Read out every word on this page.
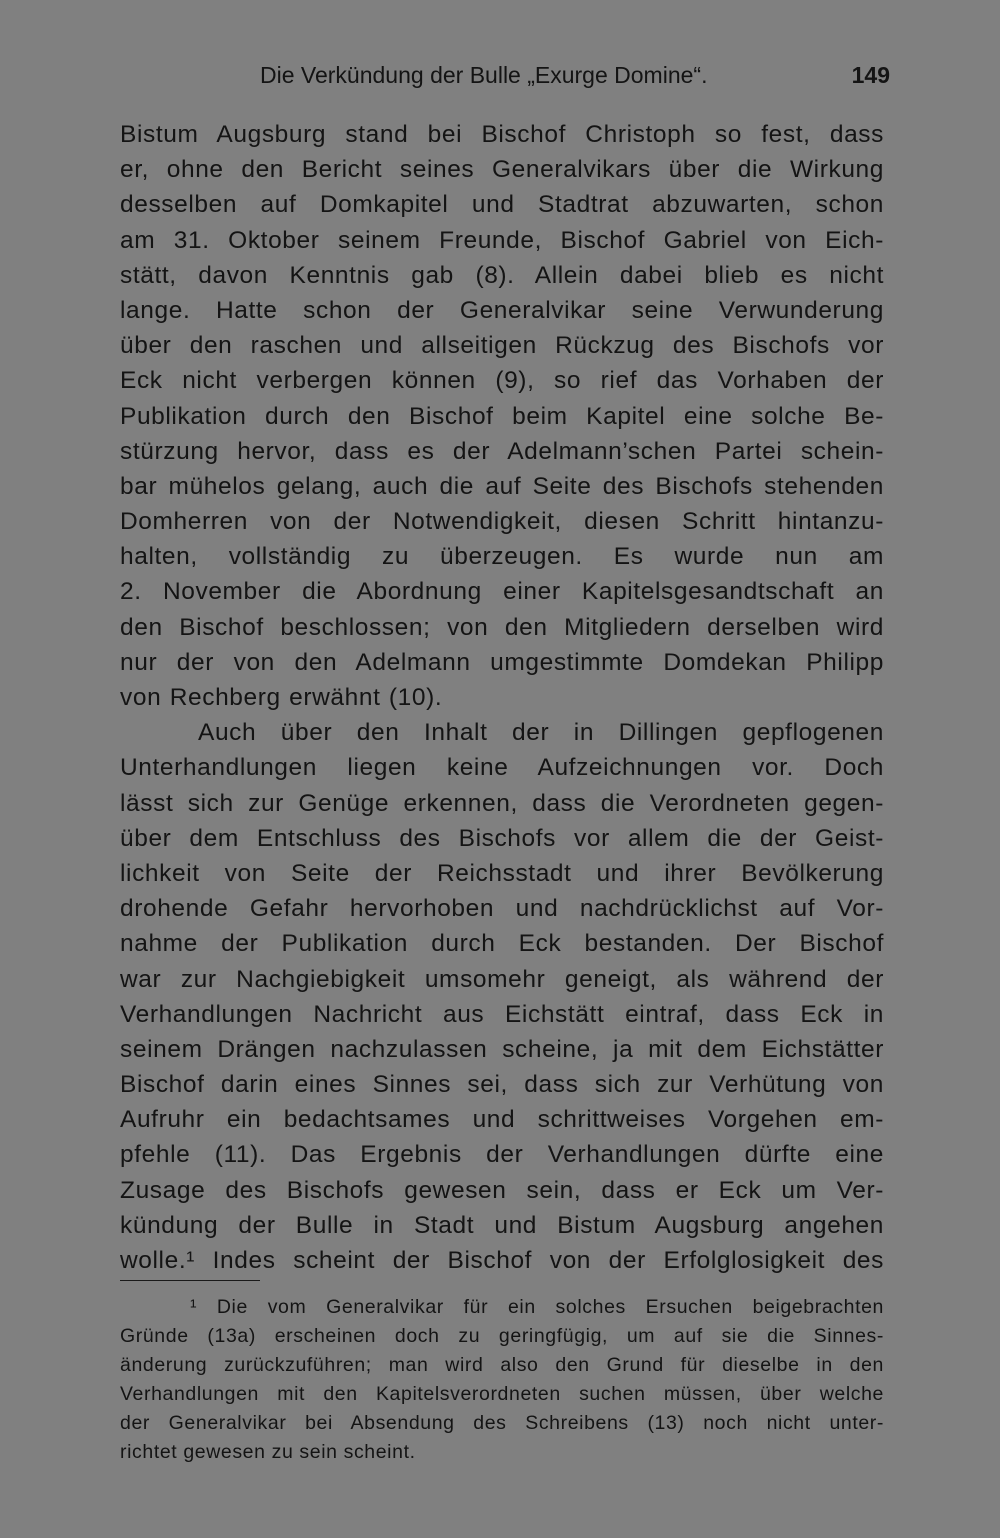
Die Verkündung der Bulle „Exurge Domine“.	149
Bistum Augsburg stand bei Bischof Christoph so fest, dass
er, ohne den Bericht seines Generalvikars über die Wirkung
desselben auf Domkapitel und Stadtrat abzuwarten, schon
am 31. Oktober seinem Freunde, Bischof Gabriel von Eich-
stätt, davon Kenntnis gab (8). Allein dabei blieb es nicht
lange. Hatte schon der Generalvikar seine Verwunderung
über den raschen und allseitigen Rückzug des Bischofs vor
Eck nicht verbergen können (9), so rief das Vorhaben der
Publikation durch den Bischof beim Kapitel eine solche Be-
stürzung hervor, dass es der Adelmann’schen Partei schein-
bar mühelos gelang, auch die auf Seite des Bischofs stehenden
Domherren von der Notwendigkeit, diesen Schritt hintanzu-
halten, vollständig zu überzeugen. Es wurde nun am
2. November die Abordnung einer Kapitelsgesandtschaft an
den Bischof beschlossen; von den Mitgliedern derselben wird
nur der von den Adelmann umgestimmte Domdekan Philipp
von Rechberg erwähnt (10).
Auch über den Inhalt der in Dillingen gepflogenen
Unterhandlungen liegen keine Aufzeichnungen vor. Doch
lässt sich zur Genüge erkennen, dass die Verordneten gegen-
über dem Entschluss des Bischofs vor allem die der Geist-
lichkeit von Seite der Reichsstadt und ihrer Bevölkerung
drohende Gefahr hervorhoben und nachdrücklichst auf Vor-
nahme der Publikation durch Eck bestanden. Der Bischof
war zur Nachgiebigkeit umsomehr geneigt, als während der
Verhandlungen Nachricht aus Eichstätt eintraf, dass Eck in
seinem Drängen nachzulassen scheine, ja mit dem Eichstätter
Bischof darin eines Sinnes sei, dass sich zur Verhütung von
Aufruhr ein bedachtsames und schrittweises Vorgehen em-
pfehle (11). Das Ergebnis der Verhandlungen dürfte eine
Zusage des Bischofs gewesen sein, dass er Eck um Ver-
kündung der Bulle in Stadt und Bistum Augsburg angehen
wolle.¹ Indes scheint der Bischof von der Erfolglosigkeit des
¹ Die vom Generalvikar für ein solches Ersuchen beigebrachten
Gründe (13a) erscheinen doch zu geringfügig, um auf sie die Sinnes-
änderung zurückzuführen; man wird also den Grund für dieselbe in den
Verhandlungen mit den Kapitelsverordneten suchen müssen, über welche
der Generalvikar bei Absendung des Schreibens (13) noch nicht unter-
richtet gewesen zu sein scheint.
